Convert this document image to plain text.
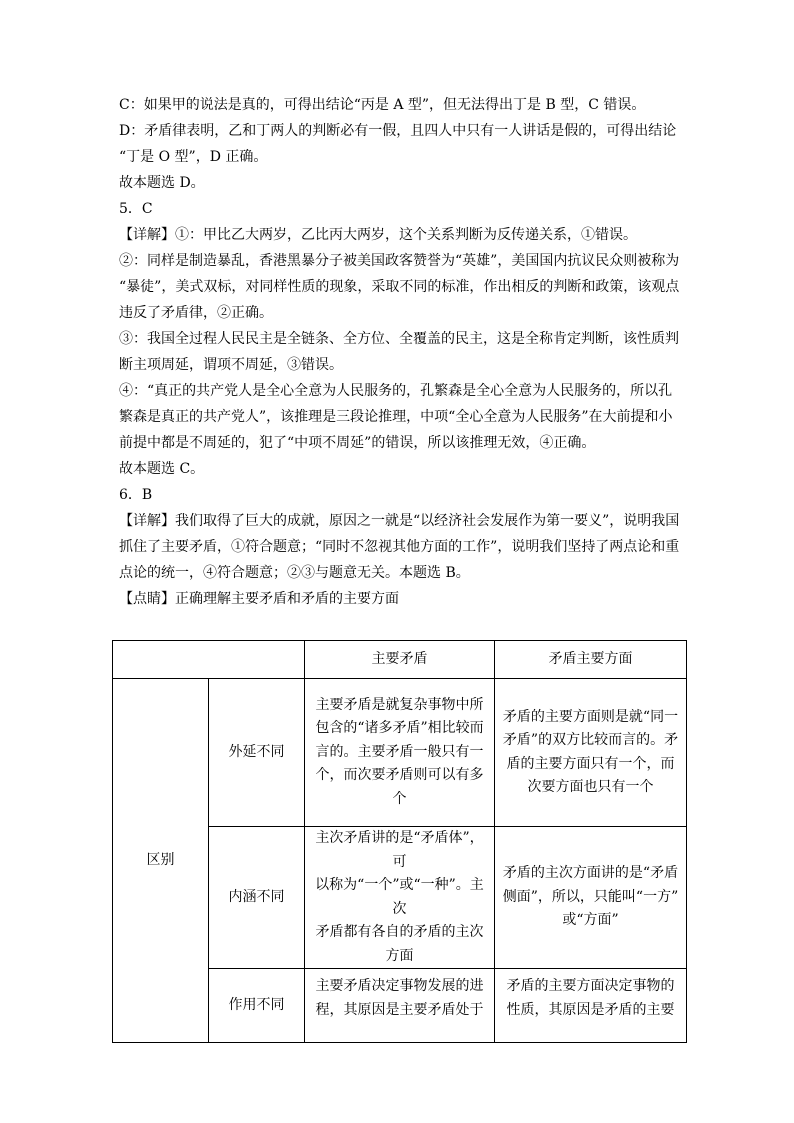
C：如果甲的说法是真的，可得出结论“丙是 A 型”，但无法得出丁是 B 型，C 错误。

D：矛盾律表明，乙和丁两人的判断必有一假，且四人中只有一人讲话是假的，可得出结论

“丁是 O 型”，D 正确。

故本题选 D。

5．C

【详解】①：甲比乙大两岁，乙比丙大两岁，这个关系判断为反传递关系，①错误。

②：同样是制造暴乱，香港黑暴分子被美国政客赞誉为“英雄”，美国国内抗议民众则被称为

“暴徒”，美式双标，对同样性质的现象，采取不同的标准，作出相反的判断和政策，该观点

违反了矛盾律，②正确。

③：我国全过程人民民主是全链条、全方位、全覆盖的民主，这是全称肯定判断，该性质判

断主项周延，谓项不周延，③错误。

④：“真正的共产党人是全心全意为人民服务的，孔繁森是全心全意为人民服务的，所以孔

繁森是真正的共产党人”，该推理是三段论推理，中项“全心全意为人民服务”在大前提和小

前提中都是不周延的，犯了“中项不周延”的错误，所以该推理无效，④正确。

故本题选 C。

6．B

【详解】我们取得了巨大的成就，原因之一就是“以经济社会发展作为第一要义”，说明我国

抓住了主要矛盾，①符合题意；“同时不忽视其他方面的工作”，说明我们坚持了两点论和重

点论的统一，④符合题意；②③与题意无关。本题选 B。

【点睛】正确理解主要矛盾和矛盾的主要方面

		主要矛盾	矛盾主要方面
区别	外延不同	主要矛盾是就复杂事物中所
包含的“诸多矛盾”相比较而
言的。主要矛盾一般只有一
个，而次要矛盾则可以有多
个	矛盾的主要方面则是就“同一
矛盾”的双方比较而言的。矛
盾的主要方面只有一个，而
次要方面也只有一个

	内涵不同	主次矛盾讲的是“矛盾体”，可
以称为“一个”或“一种”。主次
矛盾都有各自的矛盾的主次
方面	矛盾的主次方面讲的是“矛盾
侧面”，所以，只能叫“一方”
或“方面”

	作用不同	主要矛盾决定事物发展的进
程，其原因是主要矛盾处于	矛盾的主要方面决定事物的
性质，其原因是矛盾的主要
